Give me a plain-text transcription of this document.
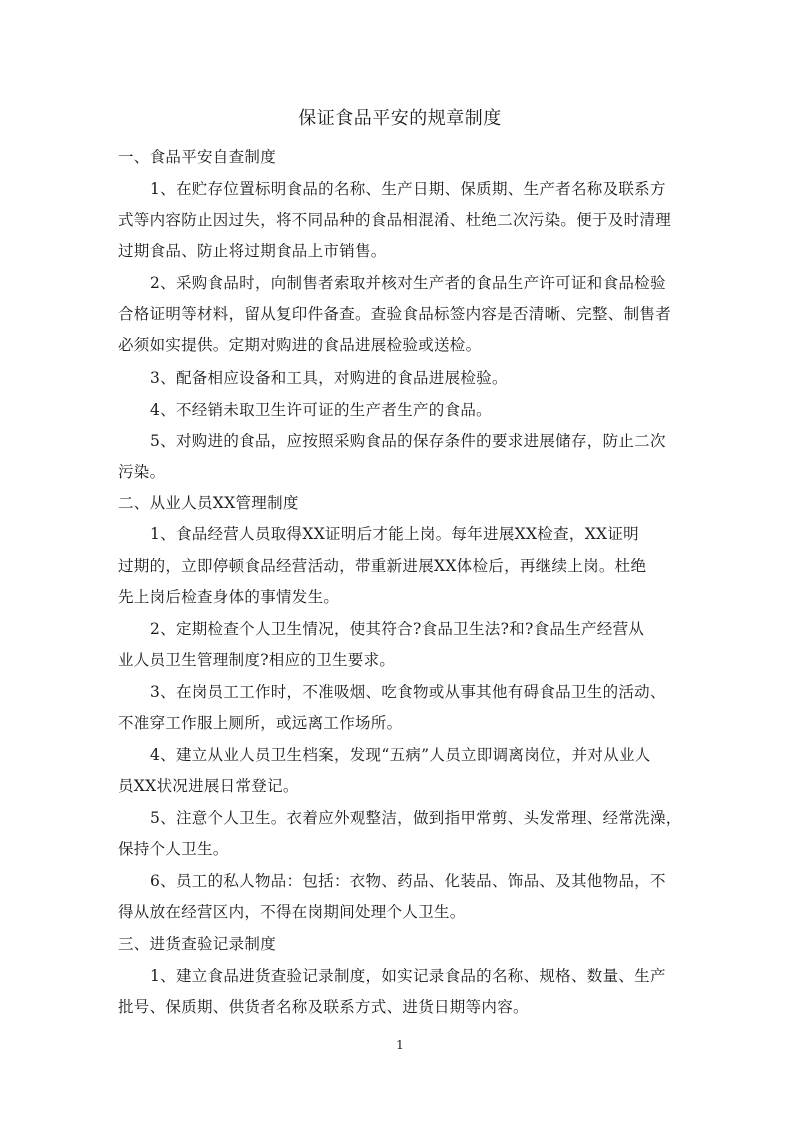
保证食品平安的规章制度
一、食品平安自查制度
1、在贮存位置标明食品的名称、生产日期、保质期、生产者名称及联系方
式等内容防止因过失，将不同品种的食品相混淆、杜绝二次污染。便于及时清理
过期食品、防止将过期食品上市销售。
2、采购食品时，向制售者索取并核对生产者的食品生产许可证和食品检验
合格证明等材料，留从复印件备查。查验食品标签内容是否清晰、完整、制售者
必须如实提供。定期对购进的食品进展检验或送检。
3、配备相应设备和工具，对购进的食品进展检验。
4、不经销未取卫生许可证的生产者生产的食品。
5、对购进的食品，应按照采购食品的保存条件的要求进展储存，防止二次
污染。
二、从业人员XX管理制度
1、食品经营人员取得XX证明后才能上岗。每年进展XX检查，XX证明
过期的，立即停顿食品经营活动，带重新进展XX体检后，再继续上岗。杜绝
先上岗后检查身体的事情发生。
2、定期检查个人卫生情况，使其符合?食品卫生法?和?食品生产经营从
业人员卫生管理制度?相应的卫生要求。
3、在岗员工工作时，不准吸烟、吃食物或从事其他有碍食品卫生的活动、
不准穿工作服上厕所，或远离工作场所。
4、建立从业人员卫生档案，发现“五病”人员立即调离岗位，并对从业人
员XX状况进展日常登记。
5、注意个人卫生。衣着应外观整洁，做到指甲常剪、头发常理、经常洗澡，
保持个人卫生。
6、员工的私人物品：包括：衣物、药品、化装品、饰品、及其他物品，不
得从放在经营区内，不得在岗期间处理个人卫生。
三、进货查验记录制度
1、建立食品进货查验记录制度，如实记录食品的名称、规格、数量、生产
批号、保质期、供货者名称及联系方式、进货日期等内容。
1
